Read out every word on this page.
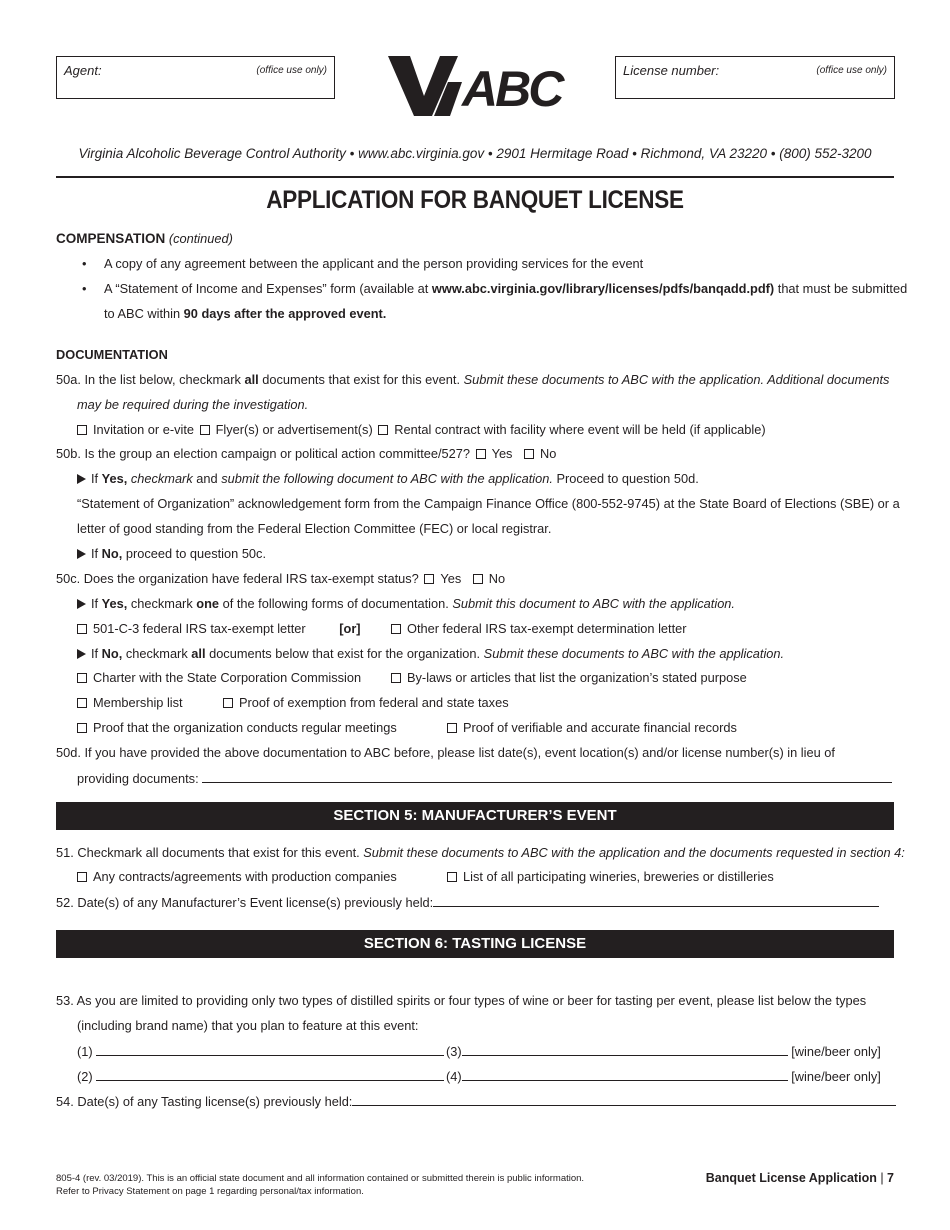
Agent:	(office use only)	License number:	(office use only)
ABC
Virginia Alcoholic Beverage Control Authority • www.abc.virginia.gov • 2901 Hermitage Road • Richmond, VA 23220 • (800) 552-3200
APPLICATION FOR BANQUET LICENSE
COMPENSATION (continued)
• A copy of any agreement between the applicant and the person providing services for the event
• A “Statement of Income and Expenses” form (available at www.abc.virginia.gov/library/licenses/pdfs/banqadd.pdf) that must be submitted
to ABC within 90 days after the approved event.
DOCUMENTATION
50a. In the list below, checkmark all documents that exist for this event. Submit these documents to ABC with the application. Additional documents
may be required during the investigation.
Invitation or e-vite Flyer(s) or advertisement(s) Rental contract with facility where event will be held (if applicable)
50b. Is the group an election campaign or political action committee/527? Yes No
If Yes, checkmark and submit the following document to ABC with the application. Proceed to question 50d.
“Statement of Organization” acknowledgement form from the Campaign Finance Office (800-552-9745) at the State Board of Elections (SBE) or a
letter of good standing from the Federal Election Committee (FEC) or local registrar.
If No, proceed to question 50c.
50c. Does the organization have federal IRS tax-exempt status? Yes No
If Yes, checkmark one of the following forms of documentation. Submit this document to ABC with the application.
501-C-3 federal IRS tax-exempt letter	[or]	Other federal IRS tax-exempt determination letter
If No, checkmark all documents below that exist for the organization. Submit these documents to ABC with the application.
Charter with the State Corporation Commission	By-laws or articles that list the organization’s stated purpose
Membership list	Proof of exemption from federal and state taxes
Proof that the organization conducts regular meetings	Proof of verifiable and accurate financial records
50d. If you have provided the above documentation to ABC before, please list date(s), event location(s) and/or license number(s) in lieu of
providing documents:
SECTION 5: MANUFACTURER’S EVENT
51. Checkmark all documents that exist for this event. Submit these documents to ABC with the application and the documents requested in section 4:
Any contracts/agreements with production companies	List of all participating wineries, breweries or distilleries
52. Date(s) of any Manufacturer’s Event license(s) previously held:
SECTION 6: TASTING LICENSE
53. As you are limited to providing only two types of distilled spirits or four types of wine or beer for tasting per event, please list below the types
(including brand name) that you plan to feature at this event:
(1)	(3)	[wine/beer only]
(2)	(4)	[wine/beer only]
54. Date(s) of any Tasting license(s) previously held:
805-4 (rev. 03/2019). This is an official state document and all information contained or submitted therein is public information.
Refer to Privacy Statement on page 1 regarding personal/tax information.
Banquet License Application | 7
